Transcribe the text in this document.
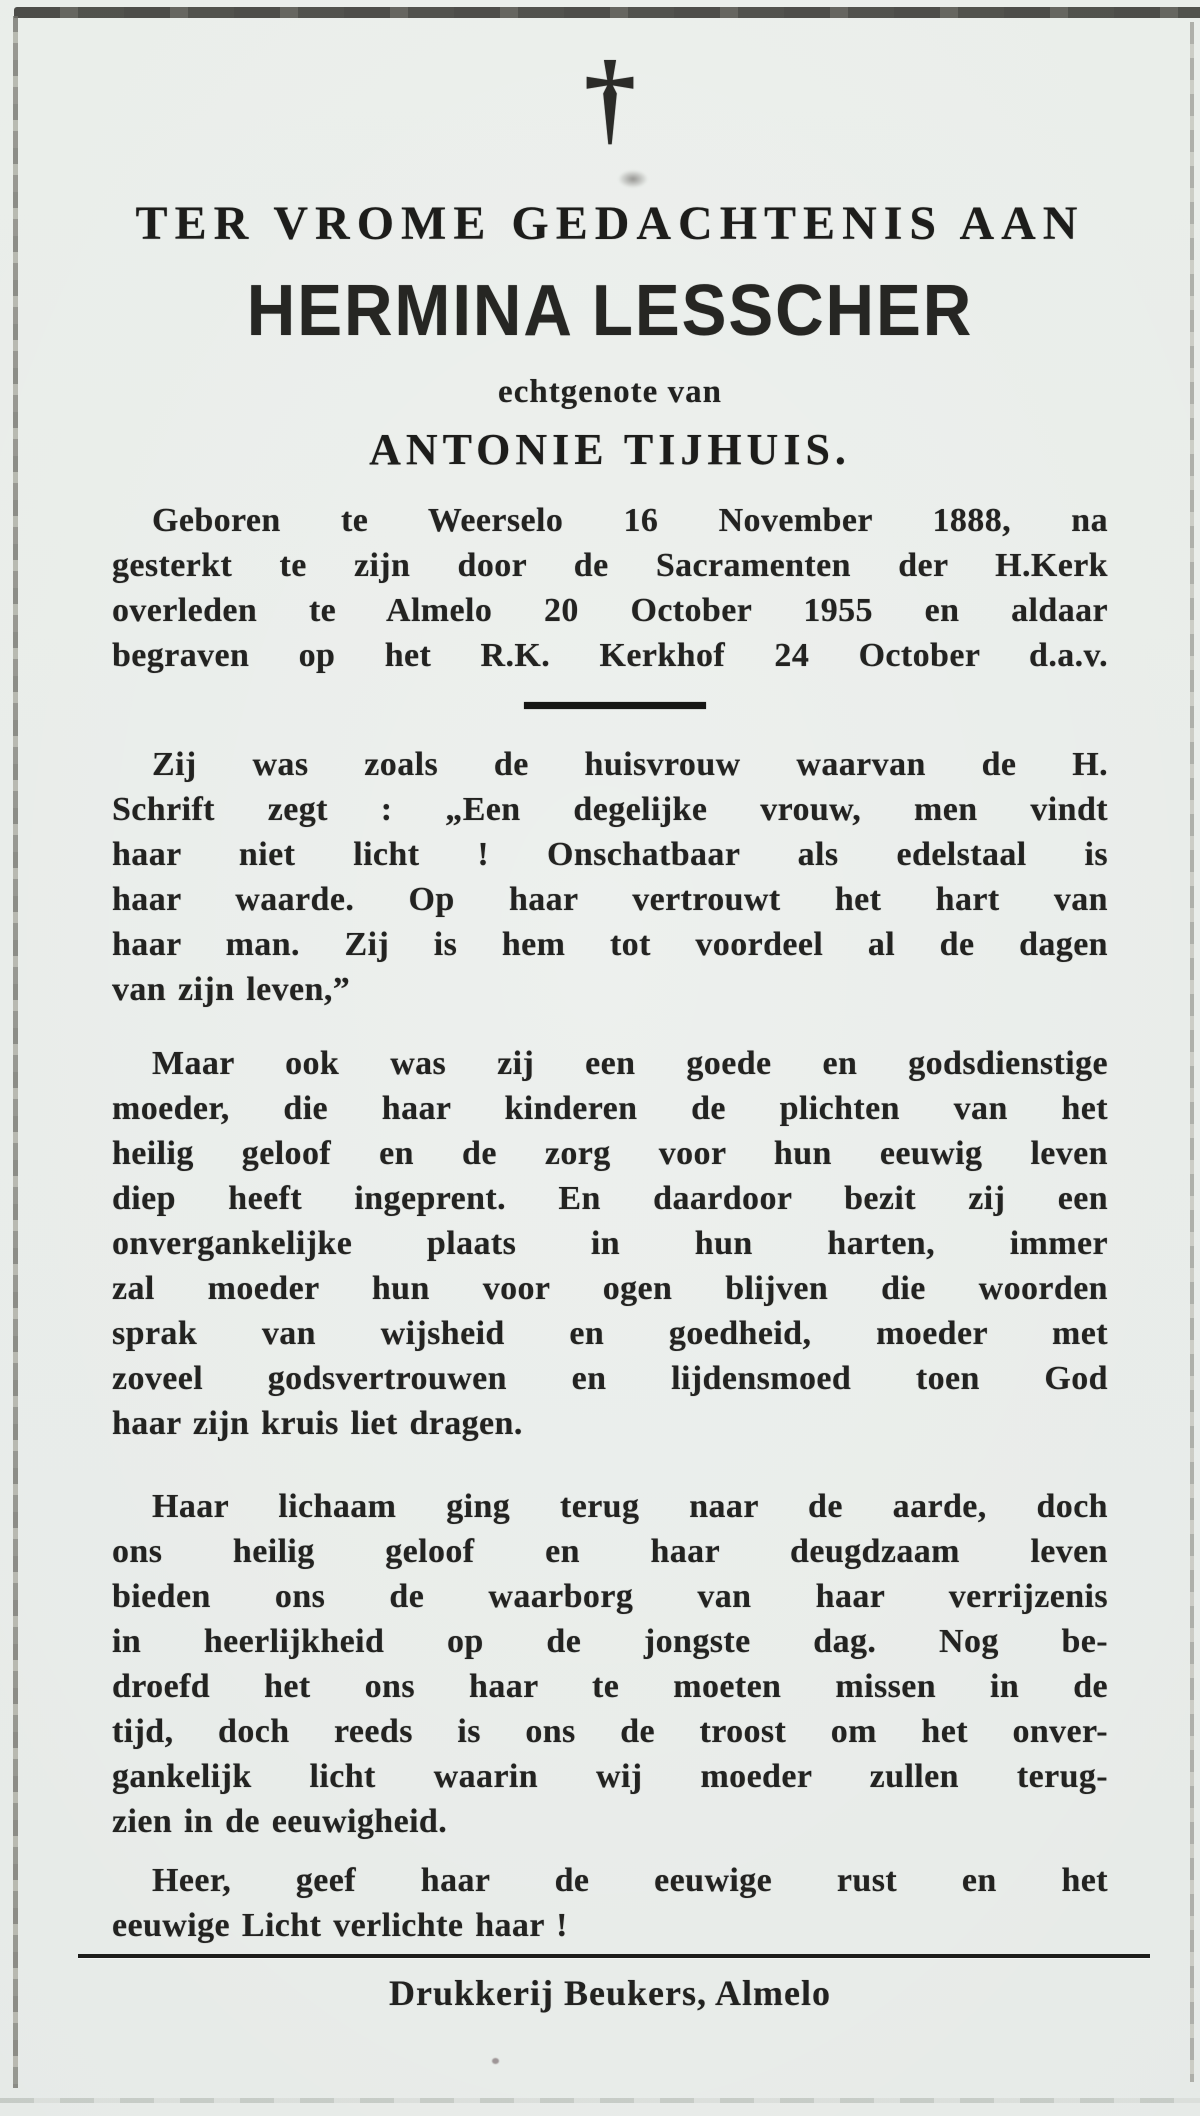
†
TER VROME GEDACHTENIS AAN
HERMINA LESSCHER
echtgenote van
ANTONIE TIJHUIS.
Geboren te Weerselo 16 November 1888, na
gesterkt te zijn door de Sacramenten der H.Kerk
overleden te Almelo 20 October 1955 en aldaar
begraven op het R.K. Kerkhof 24 October d.a.v.
Zij was zoals de huisvrouw waarvan de H.
Schrift zegt : „Een degelijke vrouw, men vindt
haar niet licht ! Onschatbaar als edelstaal is
haar waarde. Op haar vertrouwt het hart van
haar man. Zij is hem tot voordeel al de dagen
van zijn leven,”
Maar ook was zij een goede en godsdienstige
moeder, die haar kinderen de plichten van het
heilig geloof en de zorg voor hun eeuwig leven
diep heeft ingeprent. En daardoor bezit zij een
onvergankelijke plaats in hun harten, immer
zal moeder hun voor ogen blijven die woorden
sprak van wijsheid en goedheid, moeder met
zoveel godsvertrouwen en lijdensmoed toen God
haar zijn kruis liet dragen.
Haar lichaam ging terug naar de aarde, doch
ons heilig geloof en haar deugdzaam leven
bieden ons de waarborg van haar verrijzenis
in heerlijkheid op de jongste dag. Nog be-
droefd het ons haar te moeten missen in de
tijd, doch reeds is ons de troost om het onver-
gankelijk licht waarin wij moeder zullen terug-
zien in de eeuwigheid.
Heer, geef haar de eeuwige rust en het
eeuwige Licht verlichte haar !
Drukkerij Beukers, Almelo
